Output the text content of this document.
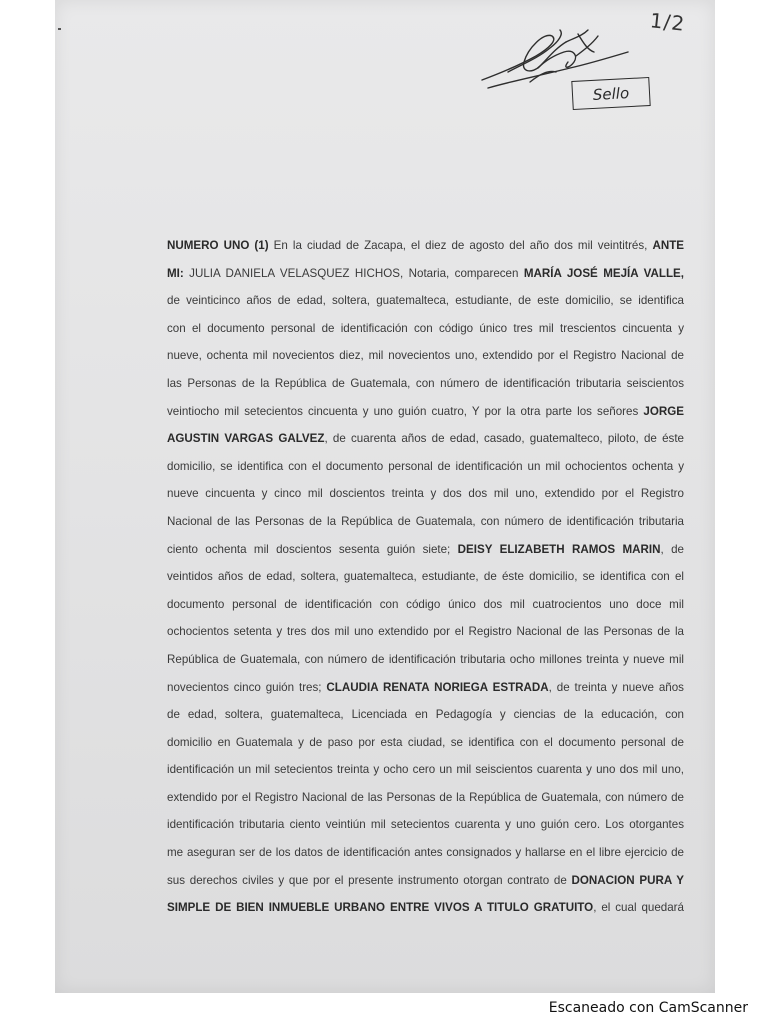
1/2
Sello
NUMERO UNO (1) En la ciudad de Zacapa, el diez de agosto del año dos mil veintitrés, ANTE
MI: JULIA DANIELA VELASQUEZ HICHOS, Notaria, comparecen MARÍA JOSÉ MEJÍA VALLE,
de veinticinco años de edad, soltera, guatemalteca, estudiante, de este domicilio, se identifica
con el documento personal de identificación con código único tres mil trescientos cincuenta y
nueve, ochenta mil novecientos diez, mil novecientos uno, extendido por el Registro Nacional de
las Personas de la República de Guatemala, con número de identificación tributaria seiscientos
veintiocho mil setecientos cincuenta y uno guión cuatro, Y por la otra parte los señores JORGE
AGUSTIN VARGAS GALVEZ, de cuarenta años de edad, casado, guatemalteco, piloto, de éste
domicilio, se identifica con el documento personal de identificación un mil ochocientos ochenta y
nueve cincuenta y cinco mil doscientos treinta y dos dos mil uno, extendido por el Registro
Nacional de las Personas de la República de Guatemala, con número de identificación tributaria
ciento ochenta mil doscientos sesenta guión siete; DEISY ELIZABETH RAMOS MARIN, de
veintidos años de edad, soltera, guatemalteca, estudiante, de éste domicilio, se identifica con el
documento personal de identificación con código único dos mil cuatrocientos uno doce mil
ochocientos setenta y tres dos mil uno extendido por el Registro Nacional de las Personas de la
República de Guatemala, con número de identificación tributaria ocho millones treinta y nueve mil
novecientos cinco guión tres; CLAUDIA RENATA NORIEGA ESTRADA, de treinta y nueve años
de edad, soltera, guatemalteca, Licenciada en Pedagogía y ciencias de la educación, con
domicilio en Guatemala y de paso por esta ciudad, se identifica con el documento personal de
identificación un mil setecientos treinta y ocho cero un mil seiscientos cuarenta y uno dos mil uno,
extendido por el Registro Nacional de las Personas de la República de Guatemala, con número de
identificación tributaria ciento veintiún mil setecientos cuarenta y uno guión cero. Los otorgantes
me aseguran ser de los datos de identificación antes consignados y hallarse en el libre ejercicio de
sus derechos civiles y que por el presente instrumento otorgan contrato de DONACION PURA Y
SIMPLE DE BIEN INMUEBLE URBANO ENTRE VIVOS A TITULO GRATUITO, el cual quedará
Escaneado con CamScanner
